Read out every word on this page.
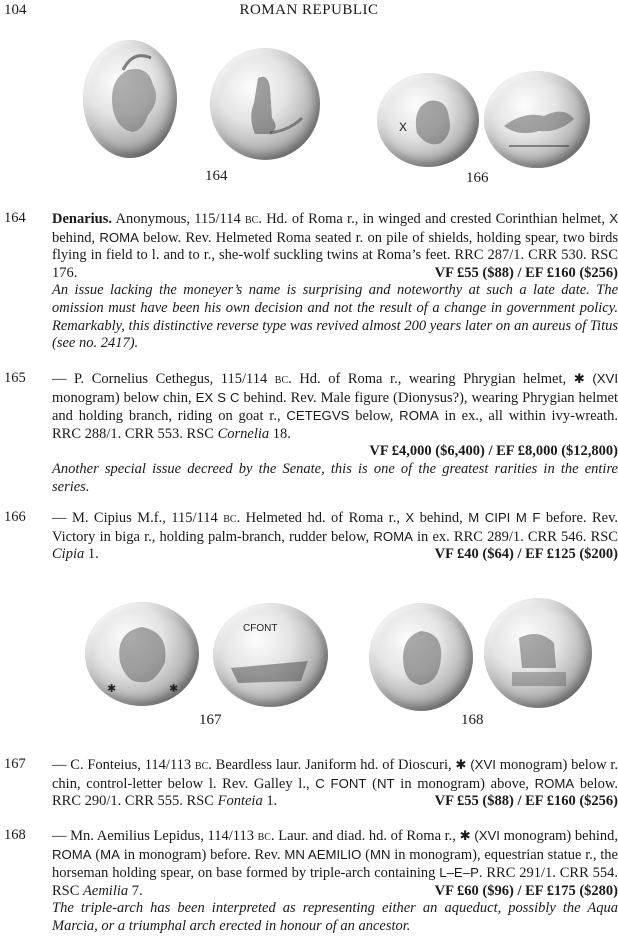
104	ROMAN REPUBLIC
X
164	166
164 Denarius. Anonymous, 115/114 bc. Hd. of Roma r., in winged and crested Corinthian helmet, X behind, ROMA below. Rev. Helmeted Roma seated r. on pile of shields, holding spear, two birds flying in field to l. and to r., she-wolf suckling twins at Roma’s feet. RRC 287/1. CRR 530. RSC 176.	VF £55 ($88) / EF £160 ($256)

An issue lacking the moneyer’s name is surprising and noteworthy at such a late date. The omission must have been his own decision and not the result of a change in government policy. Remarkably, this distinctive reverse type was revived almost 200 years later on an aureus of Titus (see no. 2417).

165 — P. Cornelius Cethegus, 115/114 bc. Hd. of Roma r., wearing Phrygian helmet, ✱ (XVI monogram) below chin, EX S C behind. Rev. Male figure (Dionysus?), wearing Phrygian helmet and holding branch, riding on goat r., CETEGVS below, ROMA in ex., all within ivy-wreath. RRC 288/1. CRR 553. RSC Cornelia 18.

VF £4,000 ($6,400) / EF £8,000 ($12,800)

Another special issue decreed by the Senate, this is one of the greatest rarities in the entire series.

166 — M. Cipius M.f., 115/114 bc. Helmeted hd. of Roma r., X behind, M CIPI M F before. Rev. Victory in biga r., holding palm-branch, rudder below, ROMA in ex. RRC 289/1. CRR 546. RSC Cipia 1.	VF £40 ($64) / EF £125 ($200)

✱	✱
CFONT
167	168
167 — C. Fonteius, 114/113 bc. Beardless laur. Janiform hd. of Dioscuri, ✱ (XVI monogram) below r. chin, control-letter below l. Rev. Galley l., C FONT (NT in monogram) above, ROMA below. RRC 290/1. CRR 555. RSC Fonteia 1.	VF £55 ($88) / EF £160 ($256)

168 — Mn. Aemilius Lepidus, 114/113 bc. Laur. and diad. hd. of Roma r., ✱ (XVI monogram) behind, ROMA (MA in monogram) before. Rev. MN AEMILIO (MN in monogram), equestrian statue r., the horseman holding spear, on base formed by triple-arch containing L–E–P. RRC 291/1. CRR 554. RSC Aemilia 7.	VF £60 ($96) / EF £175 ($280)

The triple-arch has been interpreted as representing either an aqueduct, possibly the Aqua Marcia, or a triumphal arch erected in honour of an ancestor.
